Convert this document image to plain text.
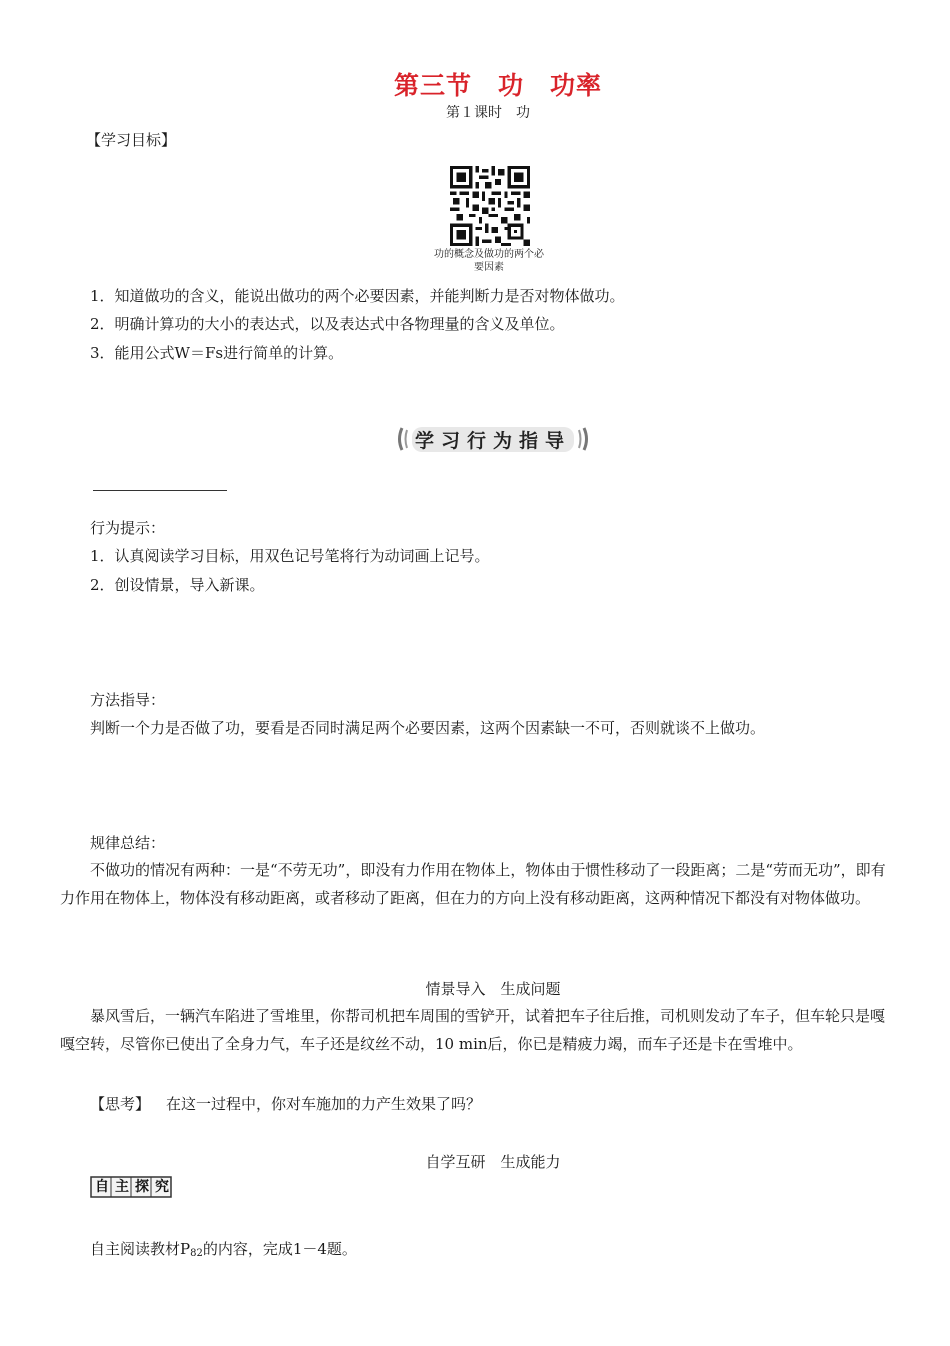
第三节　功　功率
第１课时　功
【学习目标】
功的概念及做功的两个必要因素
1．知道做功的含义，能说出做功的两个必要因素，并能判断力是否对物体做功。
2．明确计算功的大小的表达式，以及表达式中各物理量的含义及单位。
3．能用公式W＝Fs进行简单的计算。
学习行为指导
行为提示：
1．认真阅读学习目标，用双色记号笔将行为动词画上记号。
2．创设情景，导入新课。
方法指导：
判断一个力是否做了功，要看是否同时满足两个必要因素，这两个因素缺一不可，否则就谈不上做功。
规律总结：
不做功的情况有两种：一是“不劳无功”，即没有力作用在物体上，物体由于惯性移动了一段距离；二是“劳而无功”，即有力作用在物体上，物体没有移动距离，或者移动了距离，但在力的方向上没有移动距离，这两种情况下都没有对物体做功。
情景导入　生成问题
暴风雪后，一辆汽车陷进了雪堆里，你帮司机把车周围的雪铲开，试着把车子往后推，司机则发动了车子，但车轮只是嘎嘎空转，尽管你已使出了全身力气，车子还是纹丝不动，10 min后，你已是精疲力竭，而车子还是卡在雪堆中。
【思考】 在这一过程中，你对车施加的力产生效果了吗？
自学互研　生成能力
自主探究
自主阅读教材$P_{82}$的内容，完成1－4题。
